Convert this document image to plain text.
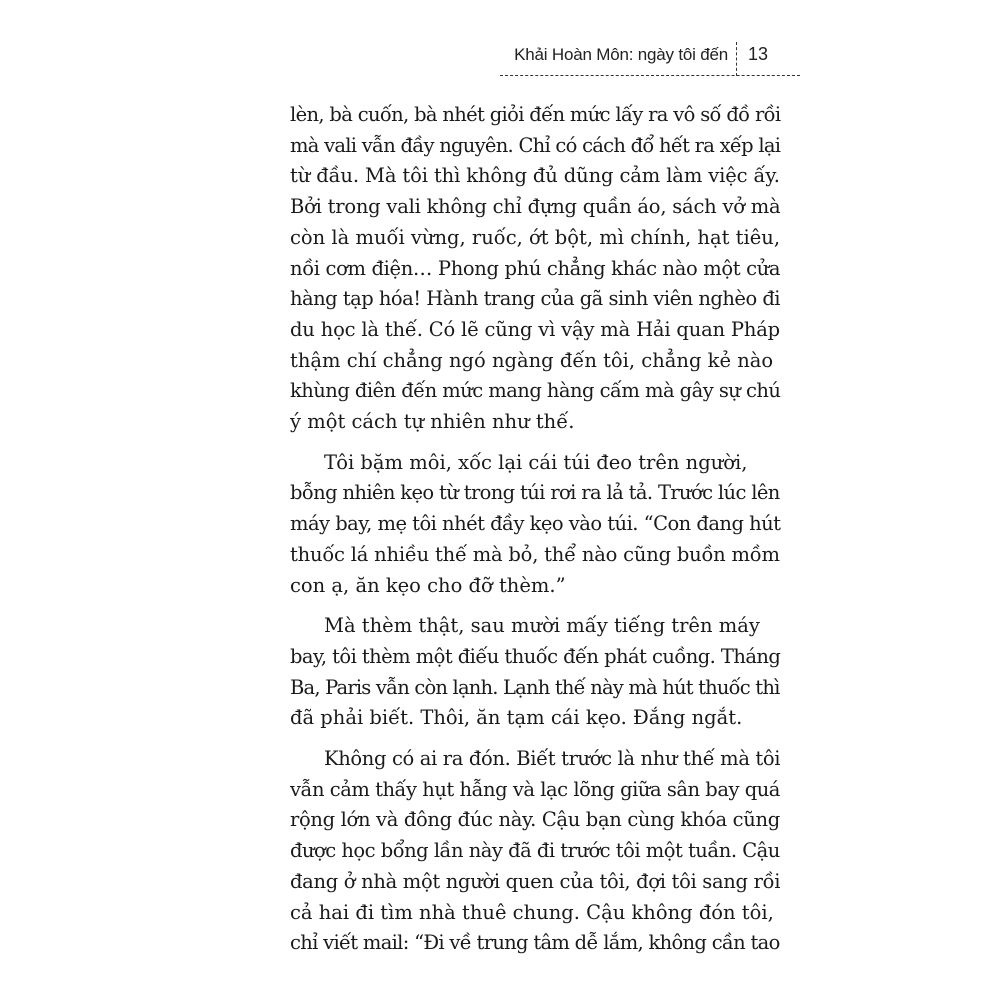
Khải Hoàn Môn: ngày tôi đến 13

lèn, bà cuốn, bà nhét giỏi đến mức lấy ra vô số đồ rồi
mà vali vẫn đầy nguyên. Chỉ có cách đổ hết ra xếp lại
từ đầu. Mà tôi thì không đủ dũng cảm làm việc ấy.
Bởi trong vali không chỉ đựng quần áo, sách vở mà
còn là muối vừng, ruốc, ớt bột, mì chính, hạt tiêu,
nồi cơm điện… Phong phú chẳng khác nào một cửa
hàng tạp hóa! Hành trang của gã sinh viên nghèo đi
du học là thế. Có lẽ cũng vì vậy mà Hải quan Pháp
thậm chí chẳng ngó ngàng đến tôi, chẳng kẻ nào
khùng điên đến mức mang hàng cấm mà gây sự chú
ý một cách tự nhiên như thế.

Tôi bặm môi, xốc lại cái túi đeo trên người,
bỗng nhiên kẹo từ trong túi rơi ra lả tả. Trước lúc lên
máy bay, mẹ tôi nhét đầy kẹo vào túi. “Con đang hút
thuốc lá nhiều thế mà bỏ, thể nào cũng buồn mồm
con ạ, ăn kẹo cho đỡ thèm.”

Mà thèm thật, sau mười mấy tiếng trên máy
bay, tôi thèm một điếu thuốc đến phát cuồng. Tháng
Ba, Paris vẫn còn lạnh. Lạnh thế này mà hút thuốc thì
đã phải biết. Thôi, ăn tạm cái kẹo. Đắng ngắt.

Không có ai ra đón. Biết trước là như thế mà tôi
vẫn cảm thấy hụt hẫng và lạc lõng giữa sân bay quá
rộng lớn và đông đúc này. Cậu bạn cùng khóa cũng
được học bổng lần này đã đi trước tôi một tuần. Cậu
đang ở nhà một người quen của tôi, đợi tôi sang rồi
cả hai đi tìm nhà thuê chung. Cậu không đón tôi,
chỉ viết mail: “Đi về trung tâm dễ lắm, không cần tao
